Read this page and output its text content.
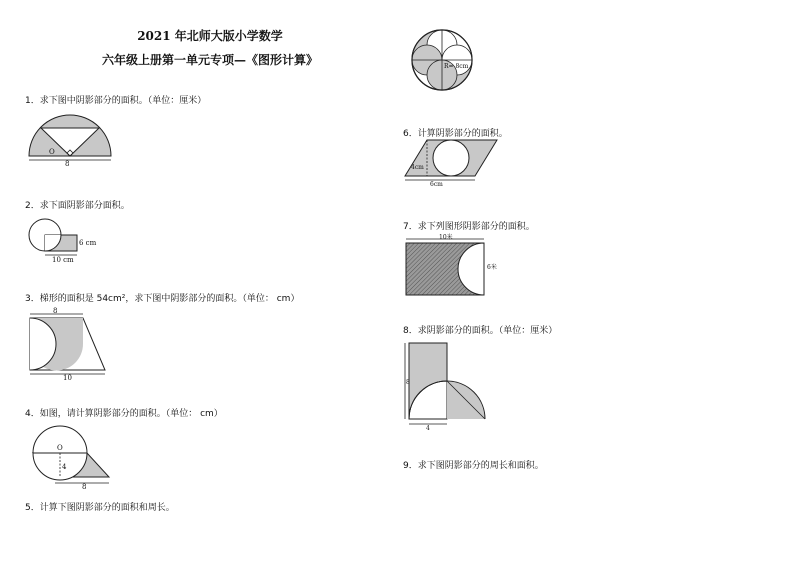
2021 年北师大版小学数学
六年级上册第一单元专项—《图形计算》
1．求下图中阴影部分的面积。（单位：厘米）
O
8
2．求下面阴影部分面积。
6 cm
10 cm
3．梯形的面积是 54cm²，求下图中阴影部分的面积。（单位： cm）
8
10
4．如图，请计算阴影部分的面积。（单位： cm）
O
4
8
5．计算下图阴影部分的面积和周长。
R= 8cm
6．计算阴影部分的面积。
4cm
6cm
7．求下列图形阴影部分的面积。
10米
6米
8．求阴影部分的面积。（单位：厘米）
8
4
9．求下图阴影部分的周长和面积。
